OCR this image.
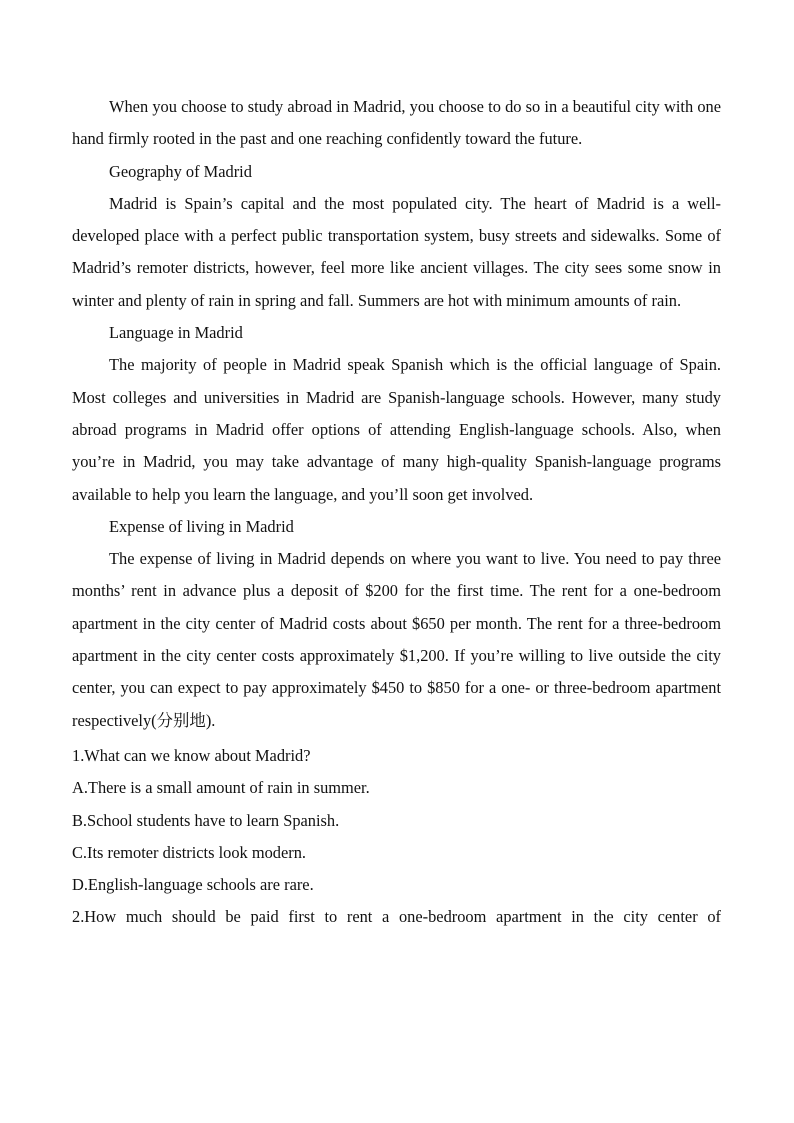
When you choose to study abroad in Madrid, you choose to do so in a beautiful city with one hand firmly rooted in the past and one reaching confidently toward the future.

Geography of Madrid

Madrid is Spain’s capital and the most populated city. The heart of Madrid is a well-developed place with a perfect public transportation system, busy streets and sidewalks. Some of Madrid’s remoter districts, however, feel more like ancient villages. The city sees some snow in winter and plenty of rain in spring and fall. Summers are hot with minimum amounts of rain.

Language in Madrid

The majority of people in Madrid speak Spanish which is the official language of Spain. Most colleges and universities in Madrid are Spanish-language schools. However, many study abroad programs in Madrid offer options of attending English-language schools. Also, when you’re in Madrid, you may take advantage of many high-quality Spanish-language programs available to help you learn the language, and you’ll soon get involved.

Expense of living in Madrid

The expense of living in Madrid depends on where you want to live. You need to pay three months’ rent in advance plus a deposit of $200 for the first time. The rent for a one-bedroom apartment in the city center of Madrid costs about $650 per month. The rent for a three-bedroom apartment in the city center costs approximately $1,200. If you’re willing to live outside the city center, you can expect to pay approximately $450 to $850 for a one- or three-bedroom apartment respectively(分别地).

1.What can we know about Madrid?

A.There is a small amount of rain in summer.

B.School students have to learn Spanish.

C.Its remoter districts look modern.

D.English-language schools are rare.

2.How much should be paid first to rent a one-bedroom apartment in the city center of
